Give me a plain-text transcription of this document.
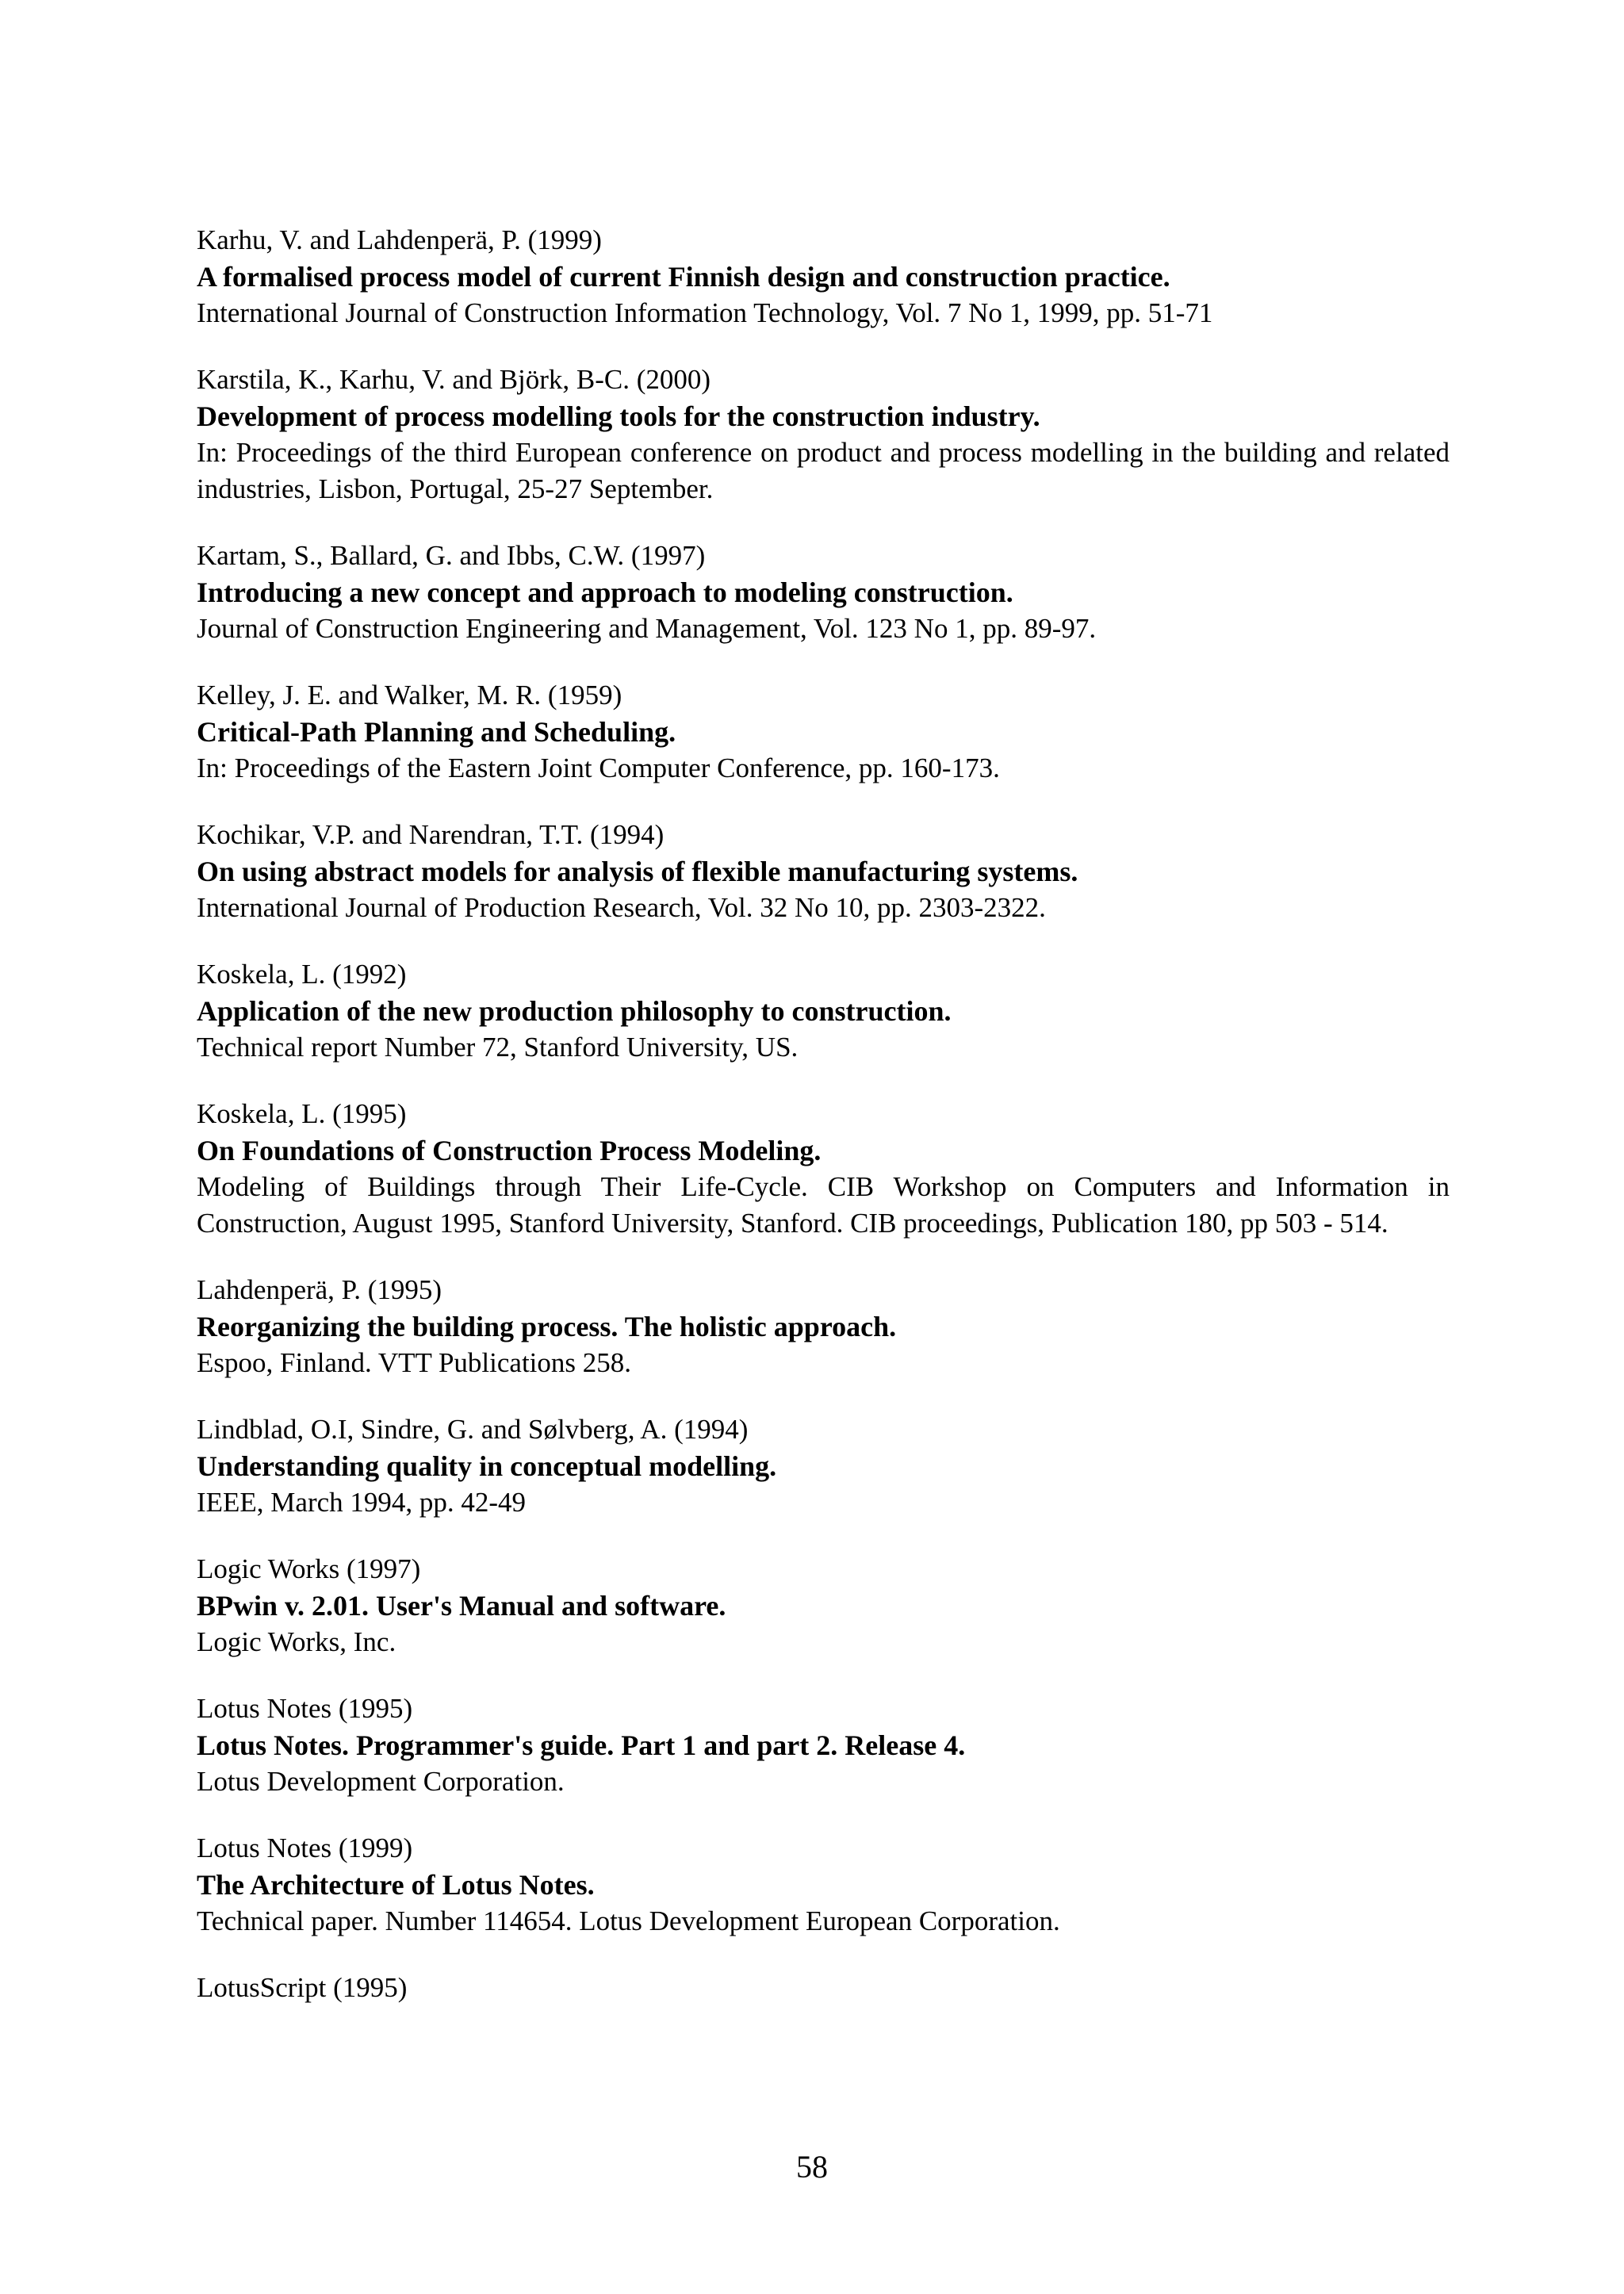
Karhu, V. and Lahdenperä, P. (1999)

A formalised process model of current Finnish design and construction practice.

International Journal of Construction Information Technology, Vol. 7 No 1, 1999, pp. 51-71

Karstila, K., Karhu, V. and Björk, B-C. (2000)

Development of process modelling tools for the construction industry.

In: Proceedings of the third European conference on product and process modelling in the building and related industries, Lisbon, Portugal, 25-27 September.

Kartam, S., Ballard, G. and Ibbs, C.W. (1997)

Introducing a new concept and approach to modeling construction.

Journal of Construction Engineering and Management, Vol. 123 No 1, pp. 89-97.

Kelley, J. E. and Walker, M. R. (1959)

Critical-Path Planning and Scheduling.

In: Proceedings of the Eastern Joint Computer Conference, pp. 160-173.

Kochikar, V.P. and Narendran, T.T. (1994)

On using abstract models for analysis of flexible manufacturing systems.

International Journal of Production Research, Vol. 32 No 10, pp. 2303-2322.

Koskela, L. (1992)

Application of the new production philosophy to construction.

Technical report Number 72, Stanford University, US.

Koskela, L. (1995)

On Foundations of Construction Process Modeling.

Modeling of Buildings through Their Life-Cycle. CIB Workshop on Computers and Information in Construction, August 1995, Stanford University, Stanford. CIB proceedings, Publication 180, pp 503 - 514.

Lahdenperä, P. (1995)

Reorganizing the building process. The holistic approach.

Espoo, Finland. VTT Publications 258.

Lindblad, O.I, Sindre, G. and Sølvberg, A. (1994)

Understanding quality in conceptual modelling.

IEEE, March 1994, pp. 42-49

Logic Works (1997)

BPwin v. 2.01. User's Manual and software.

Logic Works, Inc.

Lotus Notes (1995)

Lotus Notes. Programmer's guide. Part 1 and part 2. Release 4.

Lotus Development Corporation.

Lotus Notes (1999)

The Architecture of Lotus Notes.

Technical paper. Number 114654. Lotus Development European Corporation.

LotusScript (1995)

58
